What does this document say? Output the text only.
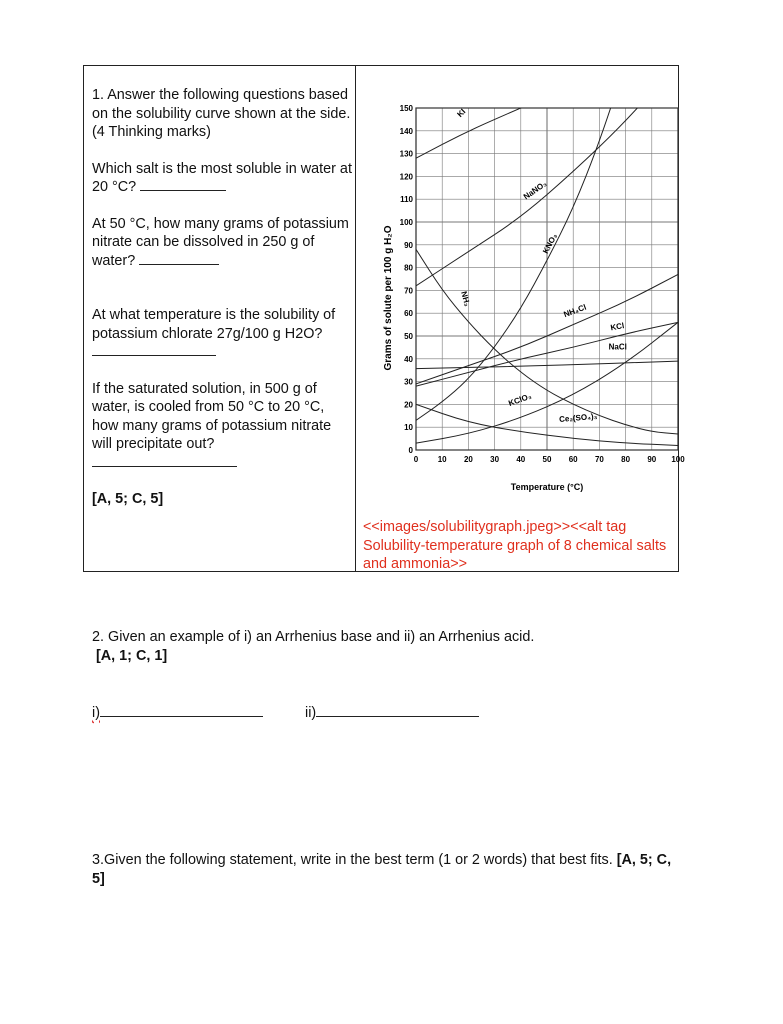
1. Answer the following questions based on the solubility curve shown at the side. (4 Thinking marks)

Which salt is the most soluble in water at 20 °C?

At 50 °C, how many grams of potassium nitrate can be dissolved in 250 g of water?

At what temperature is the solubility of potassium chlorate 27g/100 g H2O?

If the saturated solution, in 500 g of water, is cooled from 50 °C to 20 °C, how many grams of potassium nitrate will precipitate out?

[A, 5; C, 5]

0
10
20
30
40
50
60
70
80
90
100
110
120
130
140
150
0 10 20 30 40 50 60 70 80 90 100
KI
NaNO₃
KNO₃
NH₃
NH₄Cl
KCl
NaCl
KClO₃
Ce₂(SO₄)₃
Grams of solute per 100 g H₂O
Temperature (°C)
<<images/solubilitygraph.jpeg>><<alt tag Solubility-temperature graph of 8 chemical salts and ammonia>>

2. Given an example of i) an Arrhenius base and ii) an Arrhenius acid.

[A, 1; C, 1]

i)	ii)

3.Given the following statement, write in the best term (1 or 2 words) that best fits. [A, 5; C, 5]
